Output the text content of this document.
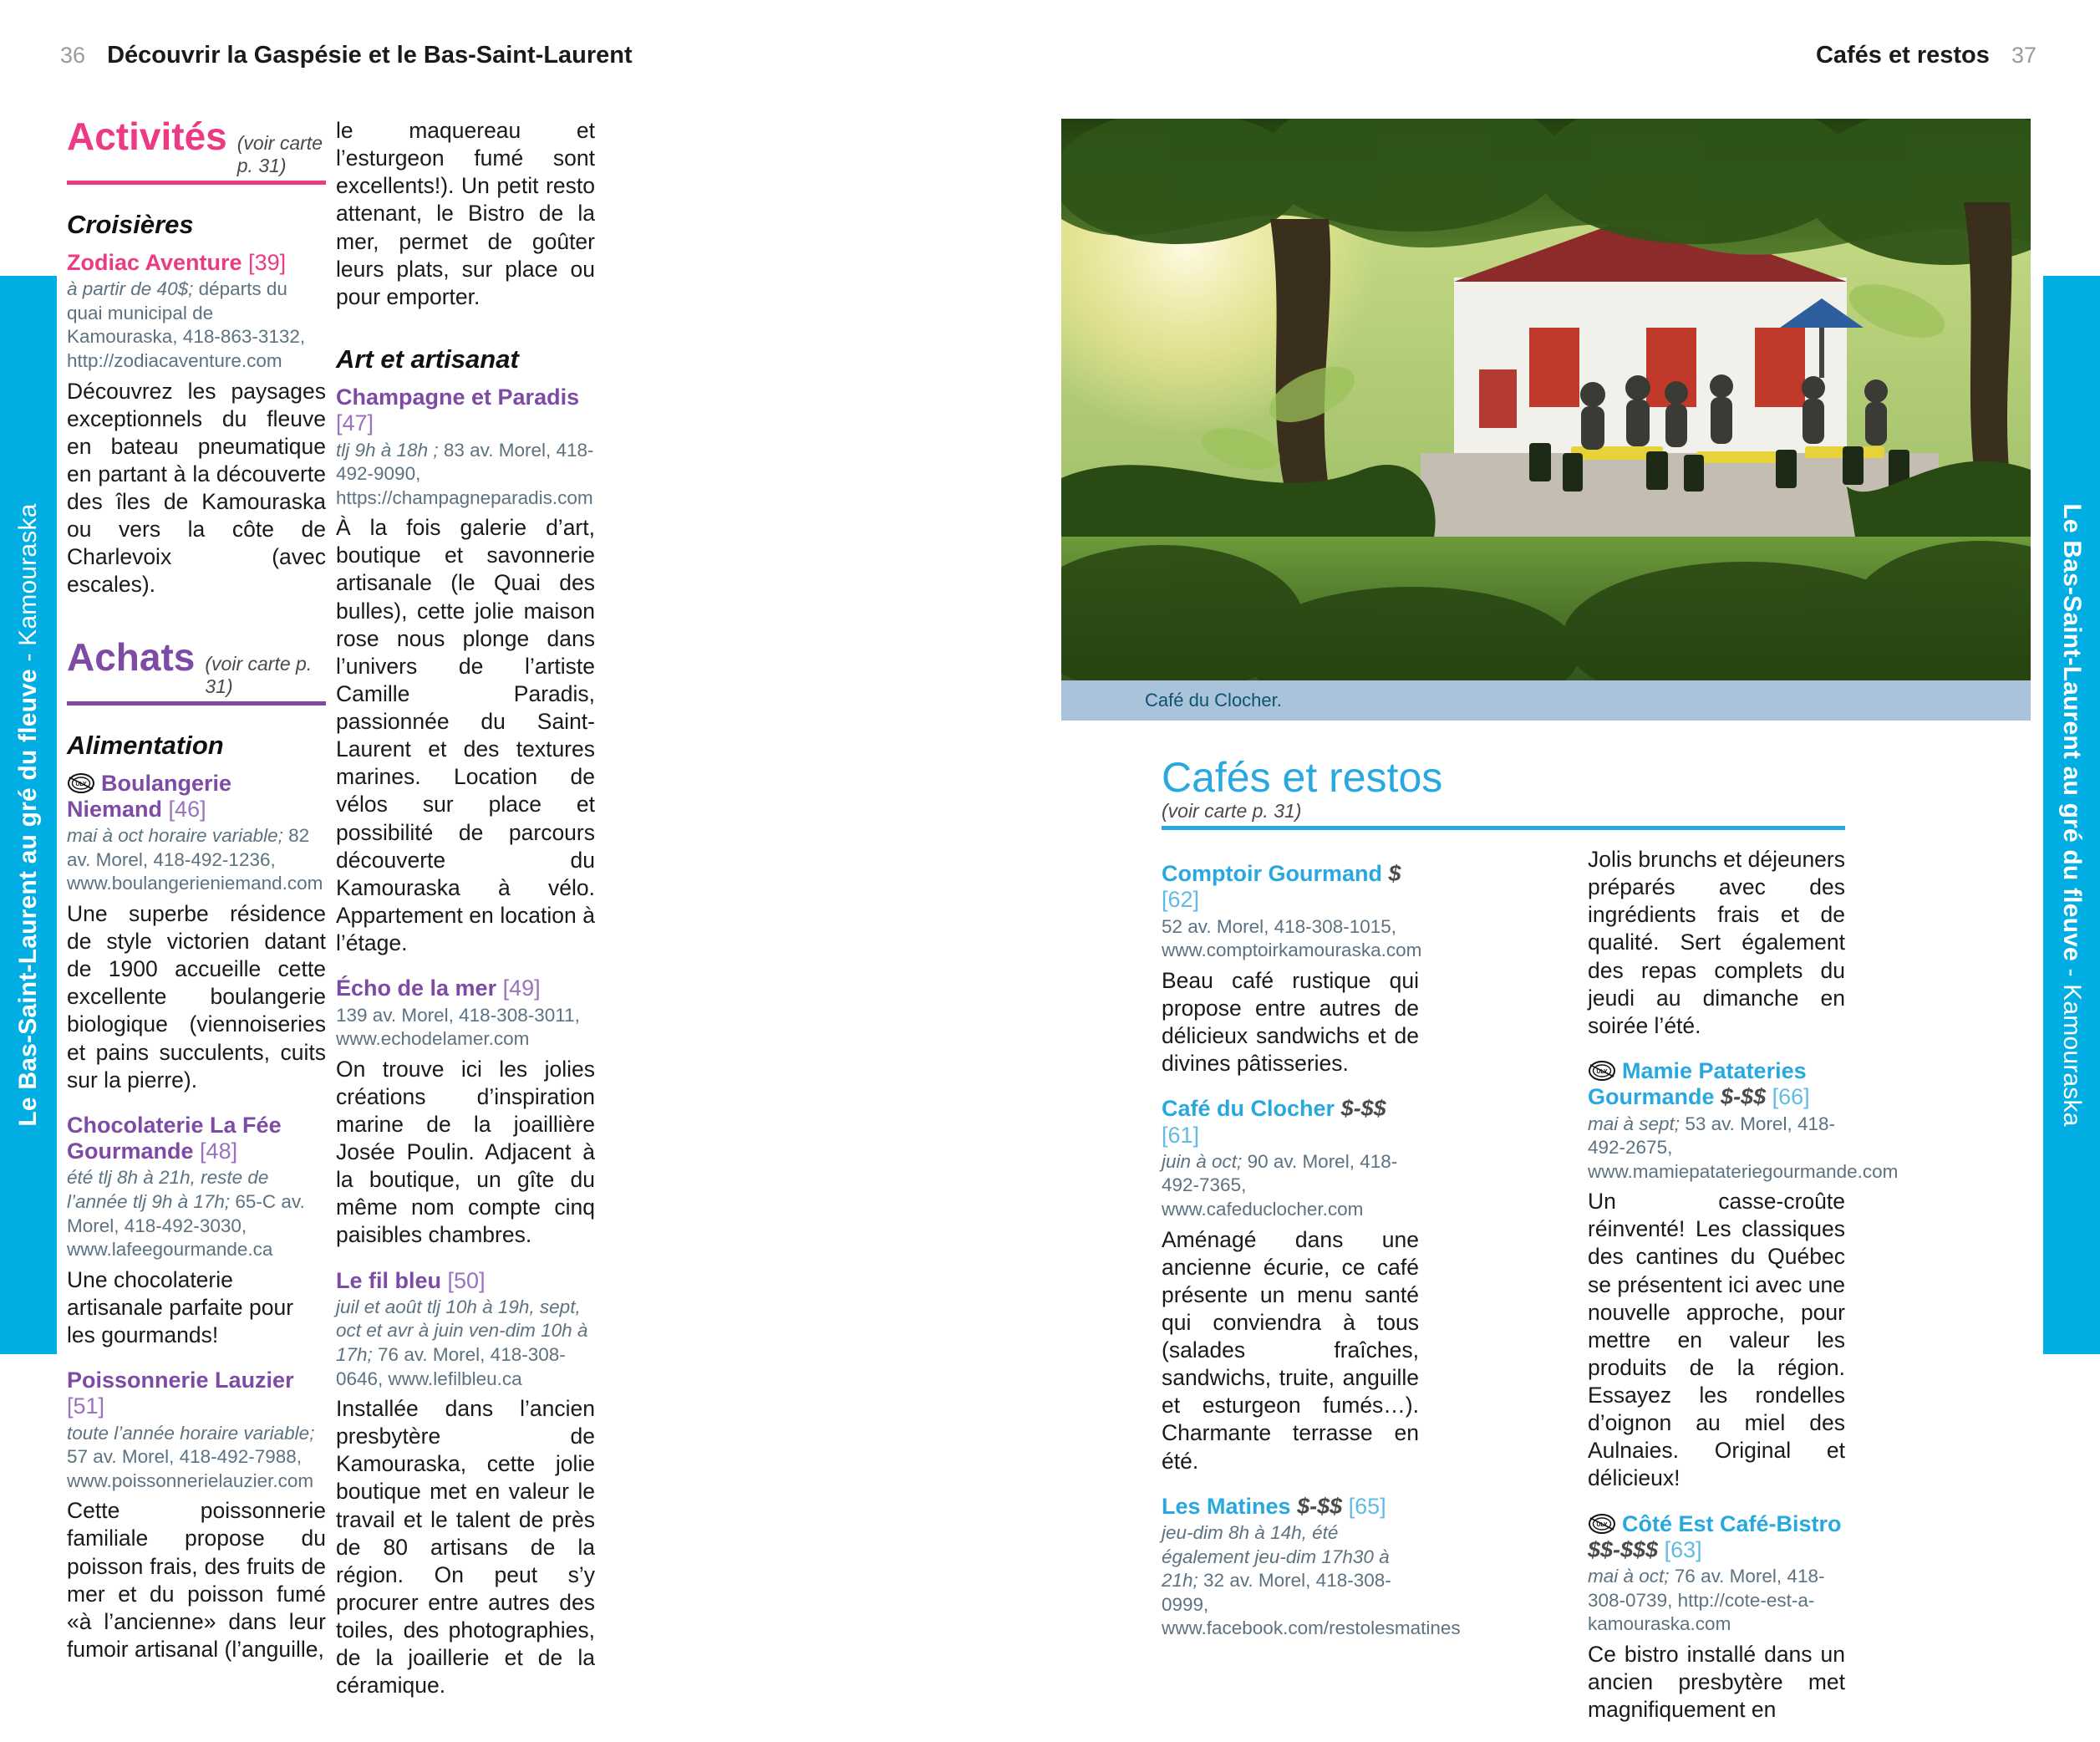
Le Bas-Saint-Laurent au gré du fleuve - Kamouraska	Le Bas-Saint-Laurent au gré du fleuve - Kamouraska
36 Découvrir la Gaspésie et le Bas-Saint-Laurent	Cafés et restos 37
Activités (voir carte p. 31)
Croisières
Zodiac Aventure [39]
à partir de 40$; départs du quai municipal de Kamouraska, 418-863-3132, http://zodiacaventure.com
Découvrez les paysages exceptionnels du fleuve en bateau pneumatique en partant à la découverte des îles de Kamouraska ou vers la côte de Charlevoix (avec escales).
Achats (voir carte p. 31)
Alimentation
ULY Boulangerie Niemand [46]
mai à oct horaire variable; 82 av. Morel, 418-492-1236, www.boulangerieniemand.com
Une superbe résidence de style victorien datant de 1900 accueille cette excellente boulangerie biologique (viennoiseries et pains succulents, cuits sur la pierre).
Chocolaterie La Fée Gourmande [48]
été tlj 8h à 21h, reste de l’année tlj 9h à 17h; 65-C av. Morel, 418-492-3030, www.lafeegourmande.ca
Une chocolaterie artisanale parfaite pour les gourmands!
Poissonnerie Lauzier [51]
toute l’année horaire variable; 57 av. Morel, 418-492-7988, www.poissonnerielauzier.com
Cette poissonnerie familiale propose du poisson frais, des fruits de mer et du poisson fumé «à l’ancienne» dans leur fumoir artisanal (l’anguille,
le maquereau et l’esturgeon fumé sont excellents!). Un petit resto attenant, le Bistro de la mer, permet de goûter leurs plats, sur place ou pour emporter.
Art et artisanat
Champagne et Paradis [47]
tlj 9h à 18h ; 83 av. Morel, 418-492-9090, https://champagneparadis.com
À la fois galerie d’art, boutique et savonnerie artisanale (le Quai des bulles), cette jolie maison rose nous plonge dans l’univers de l’artiste Camille Paradis, passionnée du Saint-Laurent et des textures marines. Location de vélos sur place et possibilité de parcours découverte du Kamouraska à vélo. Appartement en location à l’étage.
Écho de la mer [49]
139 av. Morel, 418-308-3011, www.echodelamer.com
On trouve ici les jolies créations d’inspiration marine de la joaillière Josée Poulin. Adjacent à la boutique, un gîte du même nom compte cinq paisibles chambres.
Le fil bleu [50]
juil et août tlj 10h à 19h, sept, oct et avr à juin ven-dim 10h à 17h; 76 av. Morel, 418-308-0646, www.lefilbleu.ca
Installée dans l’ancien presbytère de Kamouraska, cette jolie boutique met en valeur le travail et le talent de près de 80 artisans de la région. On peut s’y procurer entre autres des toiles, des photographies, de la joaillerie et de la céramique.
Café du Clocher.
Cafés et restos
(voir carte p. 31)
Comptoir Gourmand $ [62]
52 av. Morel, 418-308-1015, www.comptoirkamouraska.com
Beau café rustique qui propose entre autres de délicieux sandwichs et de divines pâtisseries.
Café du Clocher $-$$ [61]
juin à oct; 90 av. Morel, 418-492-7365, www.cafeduclocher.com
Aménagé dans une ancienne écurie, ce café présente un menu santé qui conviendra à tous (salades fraîches, sandwichs, truite, anguille et esturgeon fumés…). Charmante terrasse en été.
Les Matines $-$$ [65]
jeu-dim 8h à 14h, été également jeu-dim 17h30 à 21h; 32 av. Morel, 418-308-0999, www.facebook.com/restolesmatines
Jolis brunchs et déjeuners préparés avec des ingrédients frais et de qualité. Sert également des repas complets du jeudi au dimanche en soirée l’été.
ULY Mamie Patateries
Gourmande $-$$ [66]
mai à sept; 53 av. Morel, 418-492-2675, www.mamiepatateriegourmande.com
Un casse-croûte réinventé! Les classiques des cantines du Québec se présentent ici avec une nouvelle approche, pour mettre en valeur les produits de la région. Essayez les rondelles d’oignon au miel des Aulnaies. Original et délicieux!
ULY Côté Est Café-Bistro
$$-$$$ [63]
mai à oct; 76 av. Morel, 418-308-0739, http://cote-est-a-kamouraska.com
Ce bistro installé dans un ancien presbytère met magnifiquement en
